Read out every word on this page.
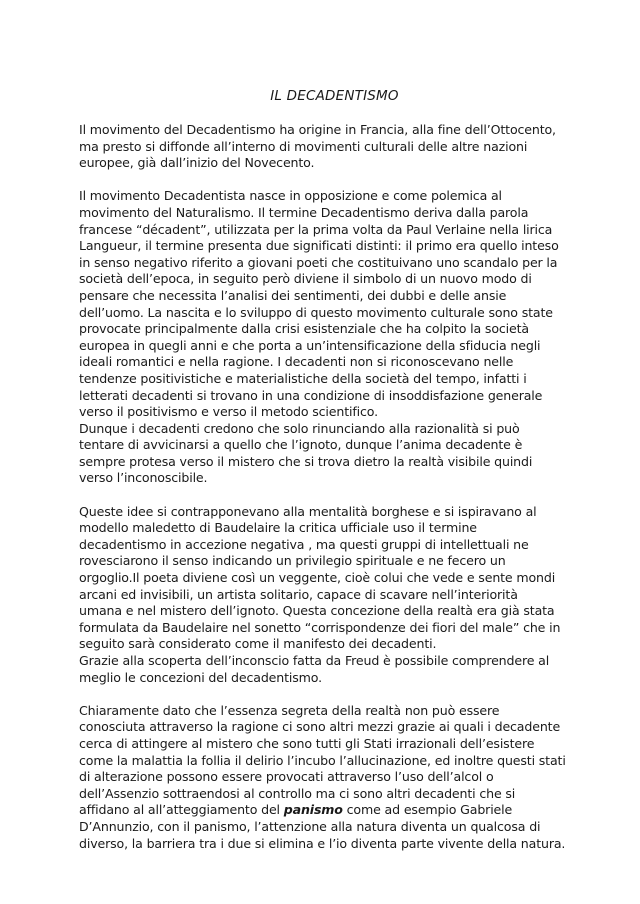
IL DECADENTISMO

Il movimento del Decadentismo ha origine in Francia, alla fine dell’Ottocento,
ma presto si diffonde all’interno di movimenti culturali delle altre nazioni
europee, già dall’inizio del Novecento.

Il movimento Decadentista nasce in opposizione e come polemica al
movimento del Naturalismo. Il termine Decadentismo deriva dalla parola
francese “décadent”, utilizzata per la prima volta da Paul Verlaine nella lirica
Langueur, il termine presenta due significati distinti: il primo era quello inteso
in senso negativo riferito a giovani poeti che costituivano uno scandalo per la
società dell’epoca, in seguito però diviene il simbolo di un nuovo modo di
pensare che necessita l’analisi dei sentimenti, dei dubbi e delle ansie
dell’uomo. La nascita e lo sviluppo di questo movimento culturale sono state
provocate principalmente dalla crisi esistenziale che ha colpito la società
europea in quegli anni e che porta a un’intensificazione della sfiducia negli
ideali romantici e nella ragione. I decadenti non si riconoscevano nelle
tendenze positivistiche e materialistiche della società del tempo, infatti i
letterati decadenti si trovano in una condizione di insoddisfazione generale
verso il positivismo e verso il metodo scientifico.
Dunque i decadenti credono che solo rinunciando alla razionalità si può
tentare di avvicinarsi a quello che l’ignoto, dunque l’anima decadente è
sempre protesa verso il mistero che si trova dietro la realtà visibile quindi
verso l’inconoscibile.

Queste idee si contrapponevano alla mentalità borghese e si ispiravano al
modello maledetto di Baudelaire la critica ufficiale uso il termine
decadentismo in accezione negativa , ma questi gruppi di intellettuali ne
rovesciarono il senso indicando un privilegio spirituale e ne fecero un
orgoglio.Il poeta diviene così un veggente, cioè colui che vede e sente mondi
arcani ed invisibili, un artista solitario, capace di scavare nell’interiorità
umana e nel mistero dell’ignoto. Questa concezione della realtà era già stata
formulata da Baudelaire nel sonetto “corrispondenze dei fiori del male” che in
seguito sarà considerato come il manifesto dei decadenti.
Grazie alla scoperta dell’inconscio fatta da Freud è possibile comprendere al
meglio le concezioni del decadentismo.

Chiaramente dato che l’essenza segreta della realtà non può essere
conosciuta attraverso la ragione ci sono altri mezzi grazie ai quali i decadente
cerca di attingere al mistero che sono tutti gli Stati irrazionali dell’esistere
come la malattia la follia il delirio l’incubo l’allucinazione, ed inoltre questi stati
di alterazione possono essere provocati attraverso l’uso dell’alcol o
dell’Assenzio sottraendosi al controllo ma ci sono altri decadenti che si
affidano al all’atteggiamento del panismo come ad esempio Gabriele
D’Annunzio, con il panismo, l’attenzione alla natura diventa un qualcosa di
diverso, la barriera tra i due si elimina e l’io diventa parte vivente della natura.
